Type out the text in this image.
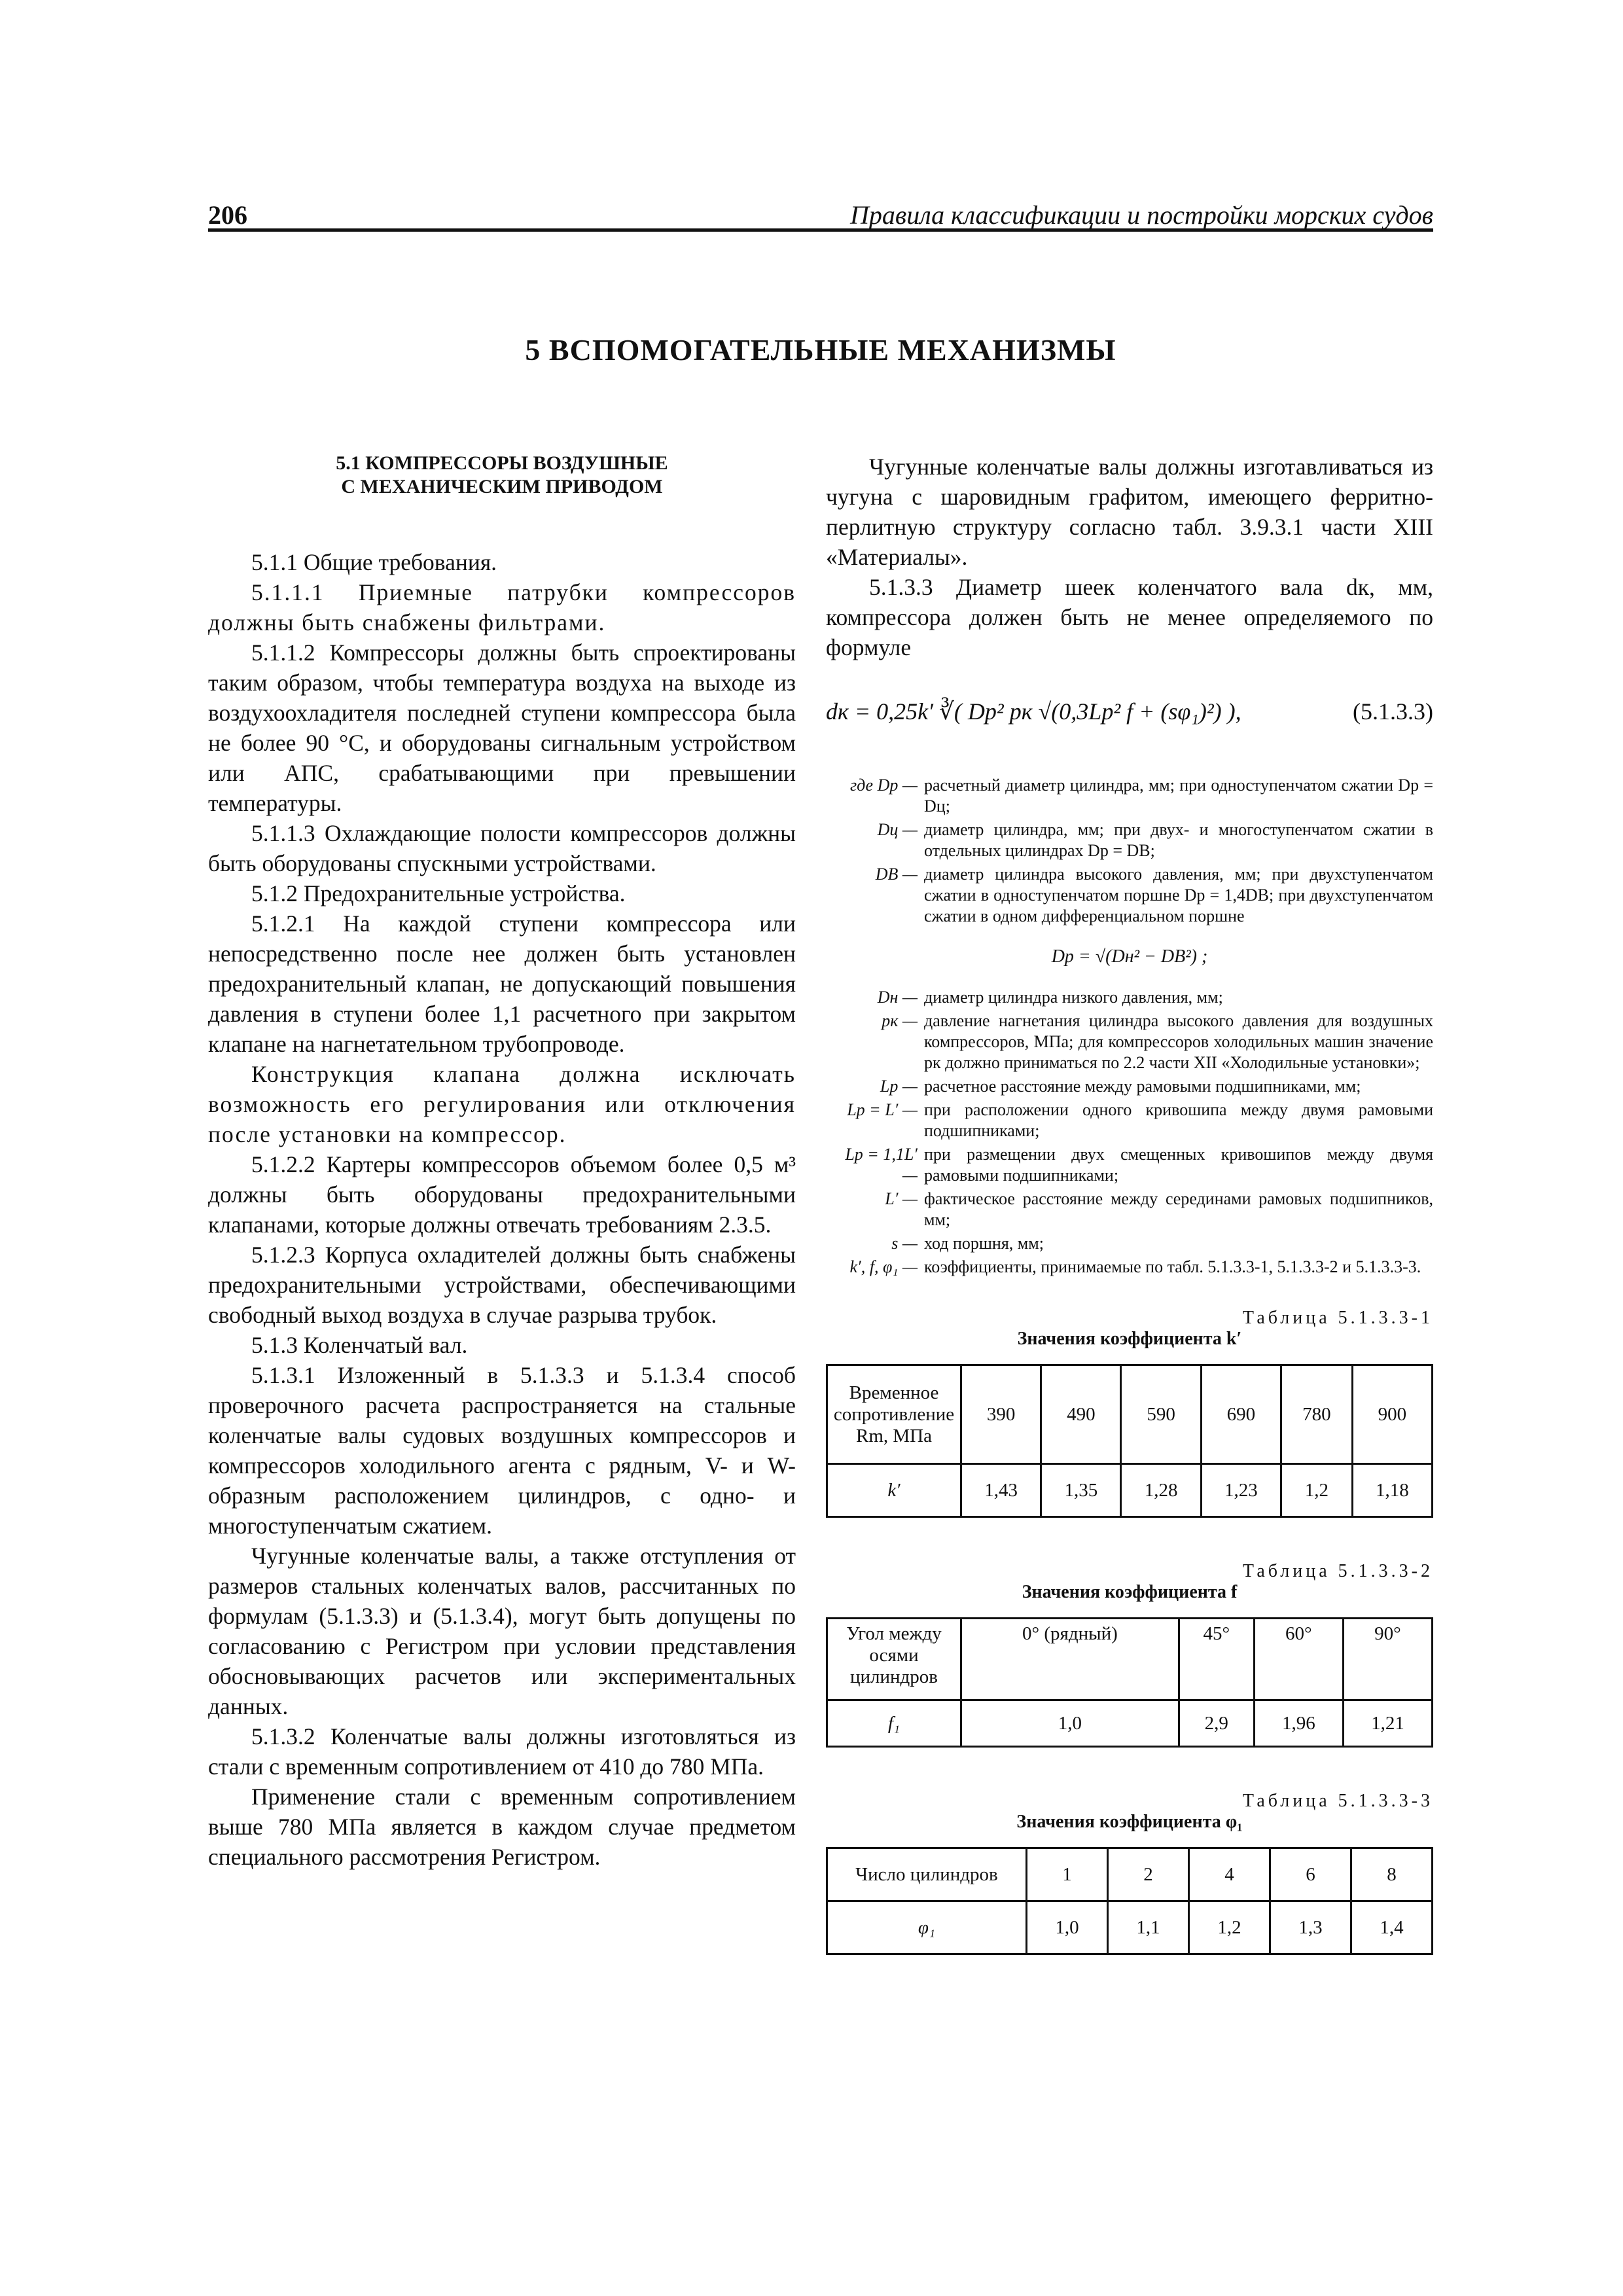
206	Правила классификации и постройки морских судов
5 ВСПОМОГАТЕЛЬНЫЕ МЕХАНИЗМЫ
5.1 КОМПРЕССОРЫ ВОЗДУШНЫЕ
С МЕХАНИЧЕСКИМ ПРИВОДОМ

5.1.1 Общие требования.

5.1.1.1 Приемные патрубки компрессоров должны быть снабжены фильтрами.

5.1.1.2 Компрессоры должны быть спроектированы таким образом, чтобы температура воздуха на выходе из воздухоохладителя последней ступени компрессора была не более 90 °С, и оборудованы сигнальным устройством или АПС, срабатывающими при превышении температуры.

5.1.1.3 Охлаждающие полости компрессоров должны быть оборудованы спускными устройствами.

5.1.2 Предохранительные устройства.

5.1.2.1 На каждой ступени компрессора или непосредственно после нее должен быть установлен предохранительный клапан, не допускающий повышения давления в ступени более 1,1 расчетного при закрытом клапане на нагнетательном трубопроводе.

Конструкция клапана должна исключать возможность его регулирования или отключения после установки на компрессор.

5.1.2.2 Картеры компрессоров объемом более 0,5 м³ должны быть оборудованы предохранительными клапанами, которые должны отвечать требованиям 2.3.5.

5.1.2.3 Корпуса охладителей должны быть снабжены предохранительными устройствами, обеспечивающими свободный выход воздуха в случае разрыва трубок.

5.1.3 Коленчатый вал.

5.1.3.1 Изложенный в 5.1.3.3 и 5.1.3.4 способ проверочного расчета распространяется на стальные коленчатые валы судовых воздушных компрессоров и компрессоров холодильного агента с рядным, V- и W-образным расположением цилиндров, с одно- и многоступенчатым сжатием.

Чугунные коленчатые валы, а также отступления от размеров стальных коленчатых валов, рассчитанных по формулам (5.1.3.3) и (5.1.3.4), могут быть допущены по согласованию с Регистром при условии представления обосновывающих расчетов или экспериментальных данных.

5.1.3.2 Коленчатые валы должны изготовляться из стали с временным сопротивлением от 410 до 780 МПа.

Применение стали с временным сопротивлением выше 780 МПа является в каждом случае предметом специального рассмотрения Регистром.

Чугунные коленчатые валы должны изготавливаться из чугуна с шаровидным графитом, имеющего ферритно-перлитную структуру согласно табл. 3.9.3.1 части XIII «Материалы».

5.1.3.3 Диаметр шеек коленчатого вала dк, мм, компрессора должен быть не менее определяемого по формуле

dк = 0,25k′ ∛( Dр² pк √(0,3Lр² f + (sφ₁)²) ),	(5.1.3.3)
где Dр — расчетный диаметр цилиндра, мм; при одноступенчатом сжатии Dр = Dц;
Dц — диаметр цилиндра, мм; при двух- и многоступенчатом сжатии в отдельных цилиндрах Dр = DВ;
DВ — диаметр цилиндра высокого давления, мм; при двухступенчатом сжатии в одноступенчатом поршне Dр = 1,4DВ; при двухступенчатом сжатии в одном дифференциальном поршне
Dр = √(Dн² − DВ²) ;
Dн — диаметр цилиндра низкого давления, мм;
pк — давление нагнетания цилиндра высокого давления для воздушных компрессоров, МПа; для компрессоров холодильных машин значение pк должно приниматься по 2.2 части XII «Холодильные установки»;
Lр — расчетное расстояние между рамовыми подшипниками, мм;
Lр = L′ — при расположении одного кривошипа между двумя рамовыми подшипниками;
Lр = 1,1L′ —
при размещении двух смещенных кривошипов между двумя рамовыми подшипниками;
L′ — фактическое расстояние между серединами рамовых подшипников, мм;
s — ход поршня, мм;
k′, f, φ₁ — коэффициенты, принимаемые по табл. 5.1.3.3-1, 5.1.3.3-2 и 5.1.3.3-3.
Таблица 5.1.3.3-1
Значения коэффициента k′
Временное сопротивление Rm, МПа	390	490	590	690	780	900
k′	1,43	1,35	1,28	1,23	1,2	1,18
Таблица 5.1.3.3-2
Значения коэффициента f
Угол между осями цилиндров	0° (рядный)	45°	60°	90°
f₁	1,0	2,9	1,96	1,21
Таблица 5.1.3.3-3
Значения коэффициента φ₁
Число цилиндров	1	2	4	6	8
φ₁	1,0	1,1	1,2	1,3	1,4
